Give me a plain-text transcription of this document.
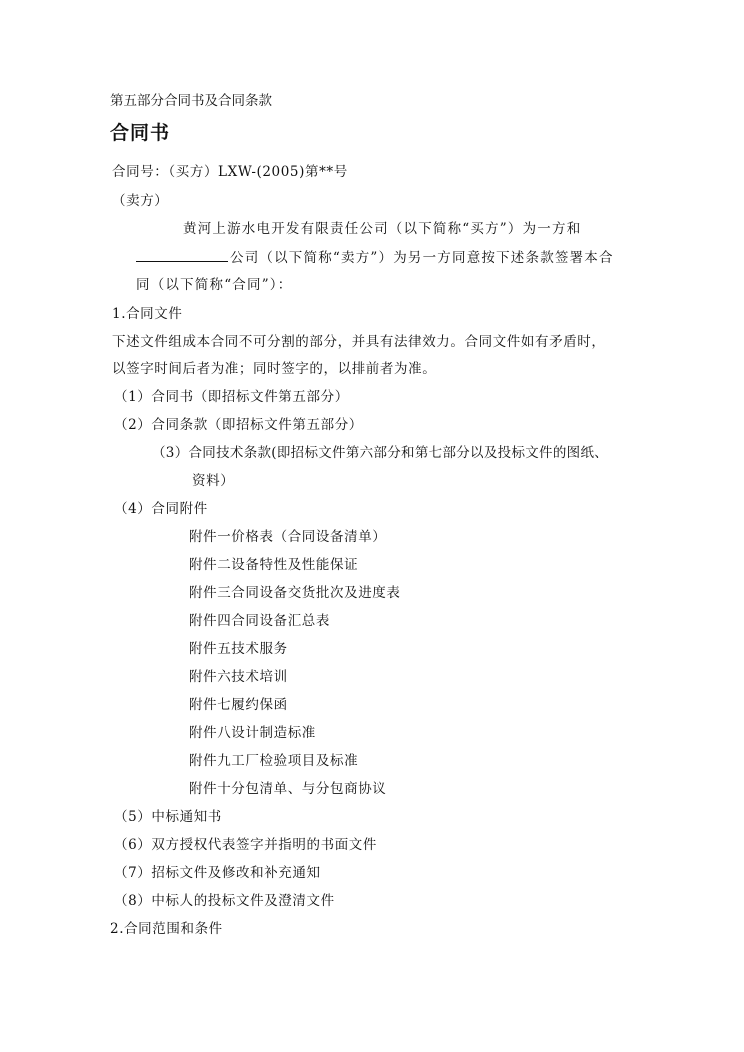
第五部分合同书及合同条款
合同书
合同号：（买方）LXW-(2005)第**号
（卖方）
黄河上游水电开发有限责任公司（以下简称“买方”）为一方和
公司（以下简称“卖方”）为另一方同意按下述条款签署本合
同（以下简称“合同”）：
1.合同文件
下述文件组成本合同不可分割的部分，并具有法律效力。合同文件如有矛盾时，
以签字时间后者为准；同时签字的，以排前者为准。
（1）合同书（即招标文件第五部分）
（2）合同条款（即招标文件第五部分）
（3）合同技术条款(即招标文件第六部分和第七部分以及投标文件的图纸、
资料）
（4）合同附件
附件一价格表（合同设备清单）
附件二设备特性及性能保证
附件三合同设备交货批次及进度表
附件四合同设备汇总表
附件五技术服务
附件六技术培训
附件七履约保函
附件八设计制造标准
附件九工厂检验项目及标准
附件十分包清单、与分包商协议
（5）中标通知书
（6）双方授权代表签字并指明的书面文件
（7）招标文件及修改和补充通知
（8）中标人的投标文件及澄清文件
2.合同范围和条件
